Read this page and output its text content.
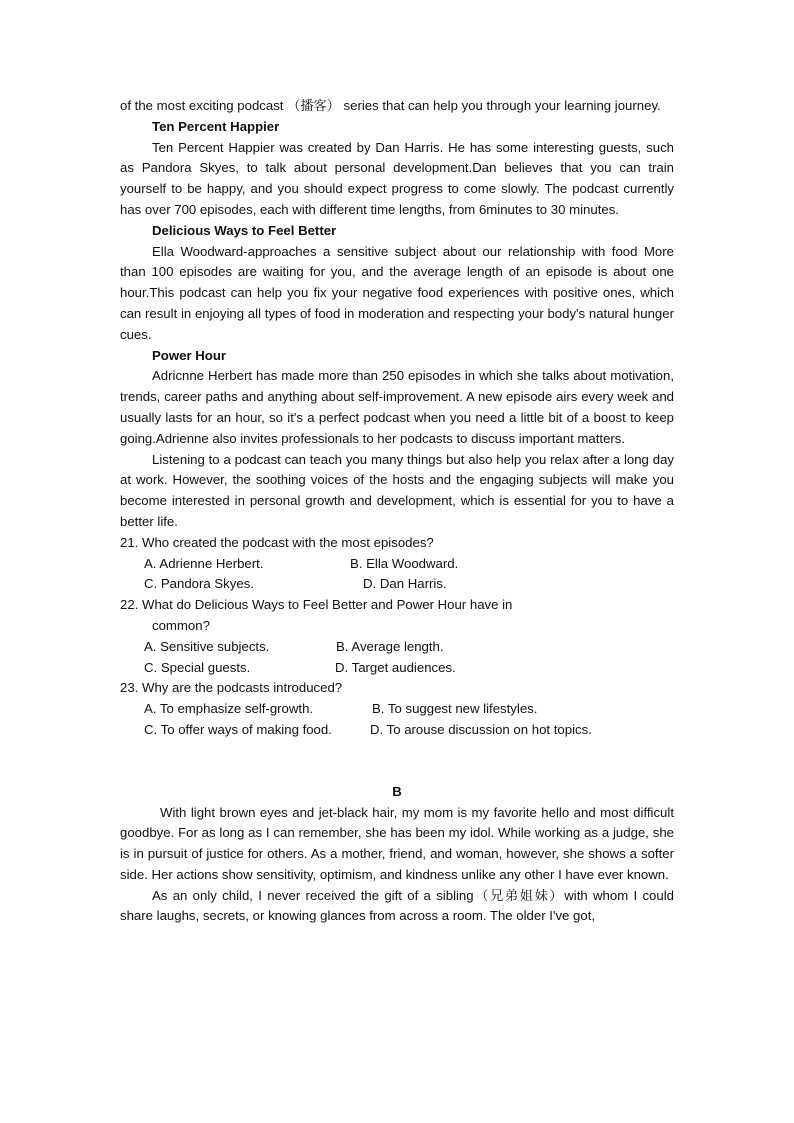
of the most exciting podcast （播客） series that can help you through your learning journey.

Ten Percent Happier

Ten Percent Happier was created by Dan Harris. He has some interesting guests, such as Pandora Skyes, to talk about personal development.Dan believes that you can train yourself to be happy, and you should expect progress to come slowly. The podcast currently has over 700 episodes, each with different time lengths, from 6minutes to 30 minutes.

Delicious Ways to Feel Better

Ella Woodward-approaches a sensitive subject about our relationship with food More than 100 episodes are waiting for you, and the average length of an episode is about one hour.This podcast can help you fix your negative food experiences with positive ones, which can result in enjoying all types of food in moderation and respecting your body's natural hunger cues.

Power Hour

Adricnne Herbert has made more than 250 episodes in which she talks about motivation, trends, career paths and anything about self-improvement. A new episode airs every week and usually lasts for an hour, so it's a perfect podcast when you need a little bit of a boost to keep going.Adrienne also invites professionals to her podcasts to discuss important matters.

Listening to a podcast can teach you many things but also help you relax after a long day at work. However, the soothing voices of the hosts and the engaging subjects will make you become interested in personal growth and development, which is essential for you to have a better life.

21. Who created the podcast with the most episodes?

A. Adrienne Herbert.	B. Ella Woodward.
C. Pandora Skyes.	D. Dan Harris.

22. What do Delicious Ways to Feel Better and Power Hour have in

common?

A. Sensitive subjects.	B. Average length.
C. Special guests.	D. Target audiences.

23. Why are the podcasts introduced?

A. To emphasize self-growth.	B. To suggest new lifestyles.
C. To offer ways of making food.	D. To arouse discussion on hot topics.

B

With light brown eyes and jet-black hair, my mom is my favorite hello and most difficult goodbye. For as long as I can remember, she has been my idol. While working as a judge, she is in pursuit of justice for others. As a mother, friend, and woman, however, she shows a softer side. Her actions show sensitivity, optimism, and kindness unlike any other I have ever known.

As an only child, I never received the gift of a sibling（兄弟姐妹）with whom I could share laughs, secrets, or knowing glances from across a room. The older I've got,
